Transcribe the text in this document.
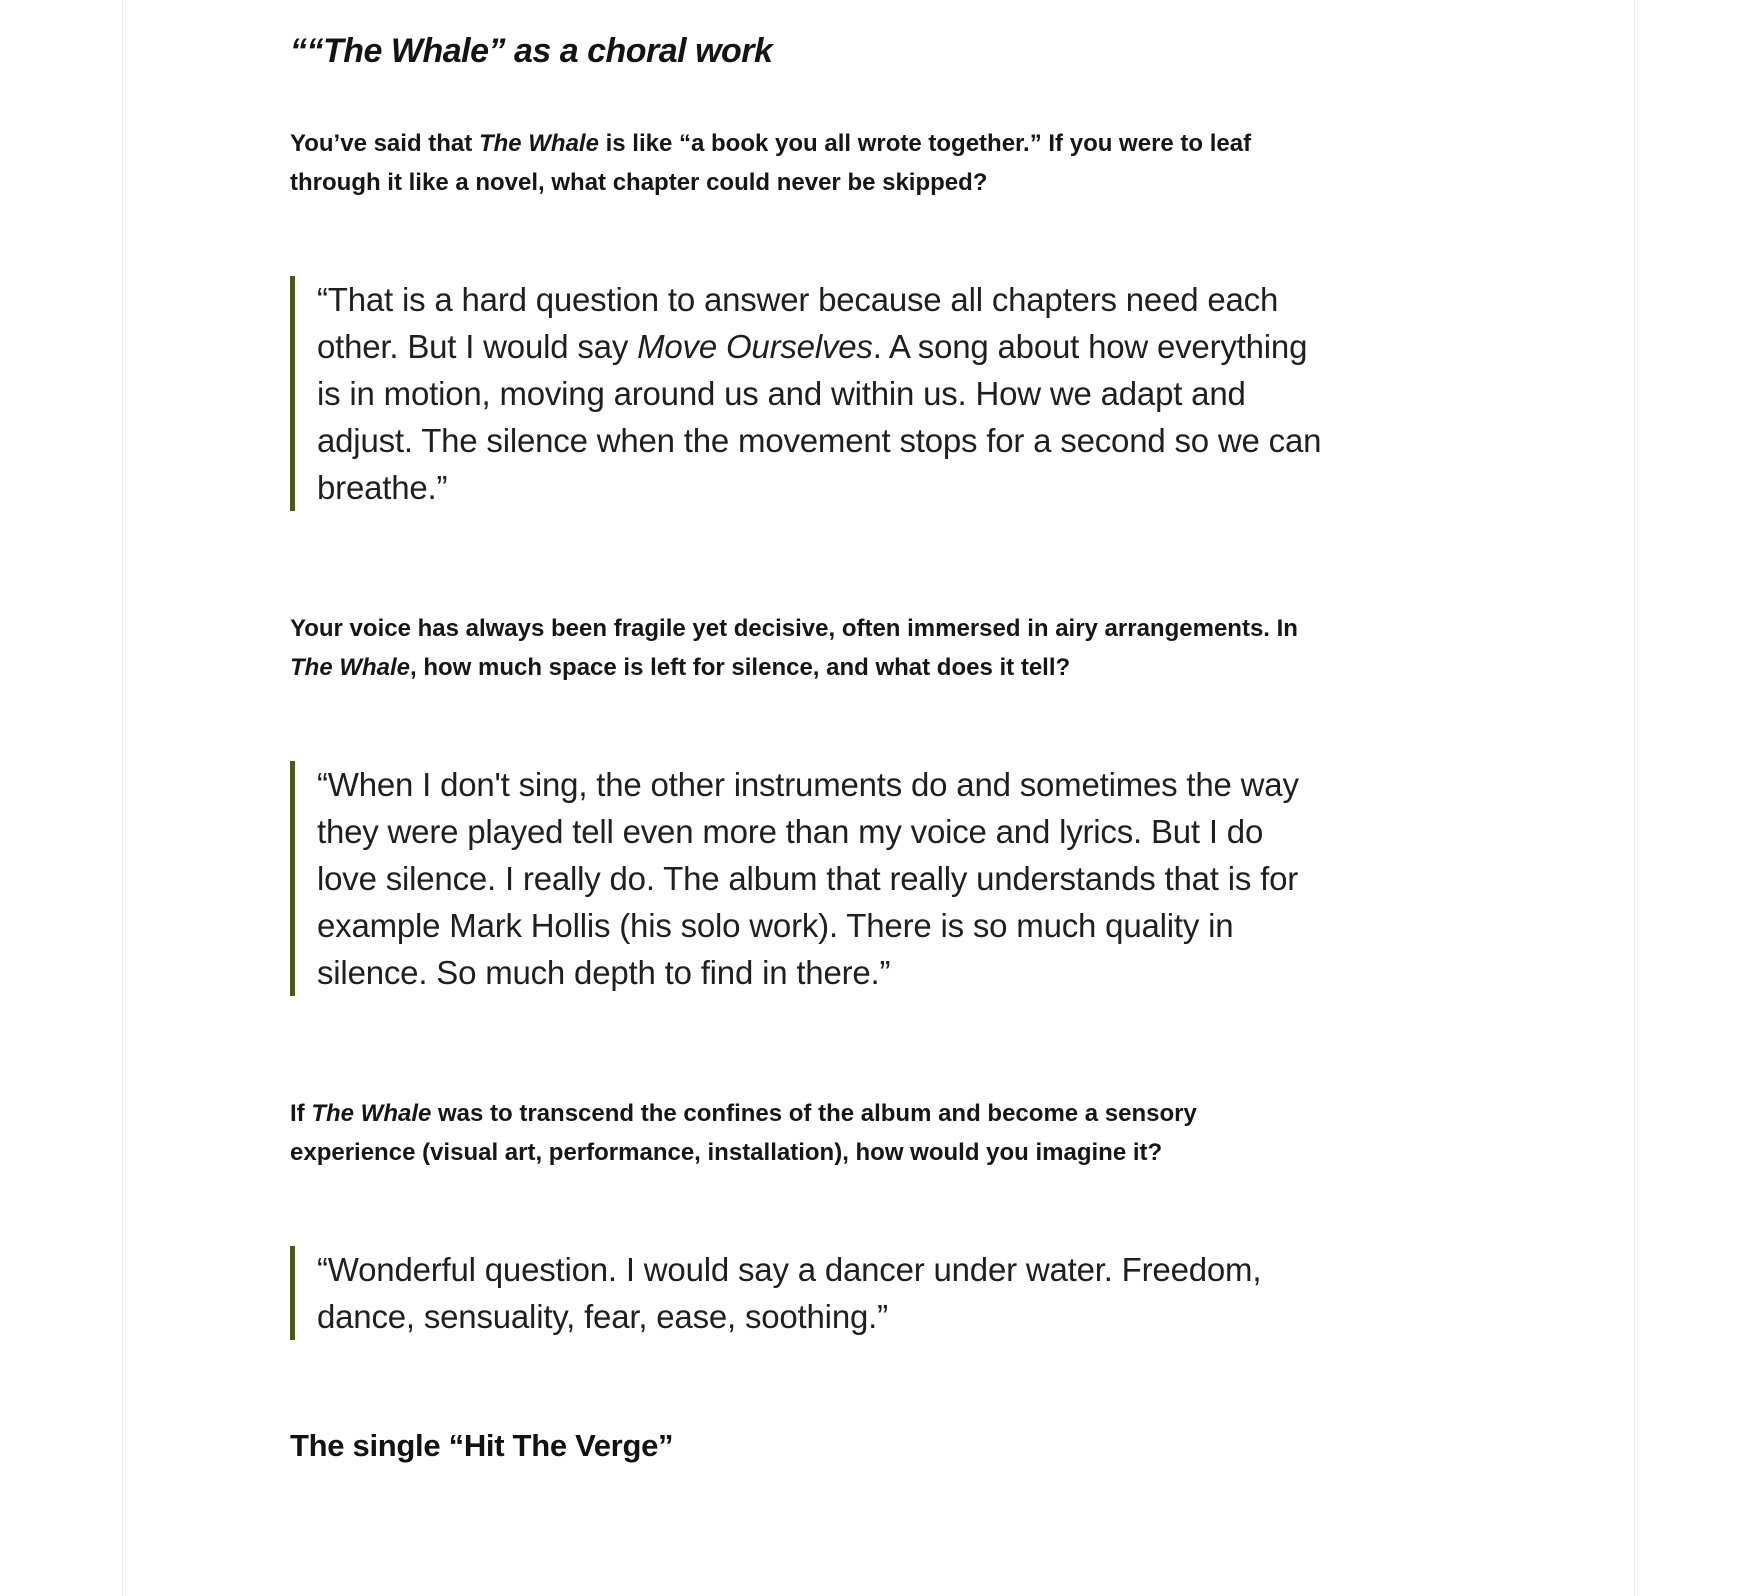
““The Whale” as a choral work

You’ve said that The Whale is like “a book you all wrote together.” If you were to leaf through it like a novel, what chapter could never be skipped?

“That is a hard question to answer because all chapters need each other. But I would say Move Ourselves. A song about how everything is in motion, moving around us and within us. How we adapt and adjust. The silence when the movement stops for a second so we can breathe.”

Your voice has always been fragile yet decisive, often immersed in airy arrangements. In The Whale, how much space is left for silence, and what does it tell?

“When I don't sing, the other instruments do and sometimes the way they were played tell even more than my voice and lyrics. But I do love silence. I really do. The album that really understands that is for example Mark Hollis (his solo work). There is so much quality in silence. So much depth to find in there.”

If The Whale was to transcend the confines of the album and become a sensory experience (visual art, performance, installation), how would you imagine it?

“Wonderful question. I would say a dancer under water. Freedom, dance, sensuality, fear, ease, soothing.”
The single “Hit The Verge”
